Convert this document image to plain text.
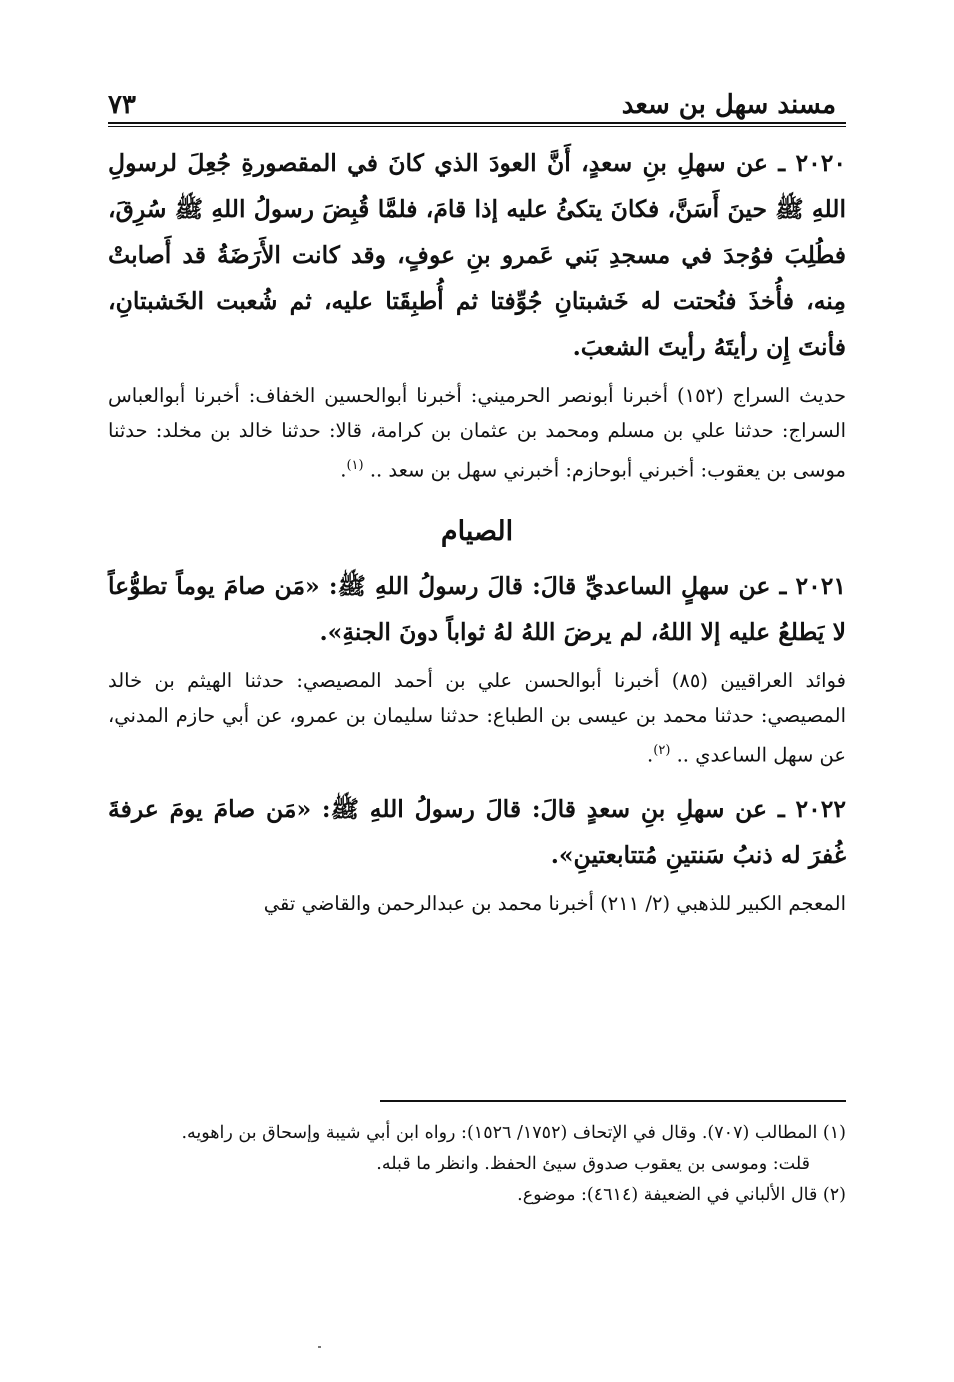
مسند سهل بن سعد
٧٣

٢٠٢٠ ـ عن سهلِ بنِ سعدٍ، أَنَّ العودَ الذي كانَ في المقصورةِ جُعِلَ لرسولِ اللهِ ﷺ حينَ أَسَنَّ، فكانَ يتكئُ عليه إذا قامَ، فلمَّا قُبِضَ رسولُ اللهِ ﷺ سُرِقَ، فطُلِبَ فوُجدَ في مسجدِ بَني عَمرو بنِ عوفٍ، وقد كانت الأَرَضَةُ قد أَصابتْ مِنه، فأُخذَ فنُحتت له خَشبتانِ جُوِّفتا ثم أُطبِقَتا عليه، ثم شُعبت الخَشبتانِ، فأنتَ إِن رأيتَهُ رأيتَ الشعبَ.

حديث السراج (١٥٢) أخبرنا أبونصر الحرميني: أخبرنا أبوالحسين الخفاف: أخبرنا أبوالعباس السراج: حدثنا علي بن مسلم ومحمد بن عثمان بن كرامة، قالا: حدثنا خالد بن مخلد: حدثنا موسى بن يعقوب: أخبرني أبوحازم: أخبرني سهل بن سعد .. $^{(١)}$.

الصيام

٢٠٢١ ـ عن سهلٍ الساعديِّ قالَ: قالَ رسولُ اللهِ ﷺ: «مَن صامَ يوماً تطوُّعاً لا يَطلعُ عليه إلا اللهُ، لم يرضَ اللهُ لهُ ثواباً دونَ الجنةِ».

فوائد العراقيين (٨٥) أخبرنا أبوالحسن علي بن أحمد المصيصي: حدثنا الهيثم بن خالد المصيصي: حدثنا محمد بن عيسى بن الطباع: حدثنا سليمان بن عمرو، عن أبي حازم المدني، عن سهل الساعدي .. $^{(٢)}$.

٢٠٢٢ ـ عن سهلِ بنِ سعدٍ قالَ: قالَ رسولُ اللهِ ﷺ: «مَن صامَ يومَ عرفةَ غُفرَ له ذنبُ سَنتينِ مُتتابعتينِ».

المعجم الكبير للذهبي (٢/ ٢١١) أخبرنا محمد بن عبدالرحمن والقاضي تقي

(١) المطالب (٧٠٧). وقال في الإتحاف (١٧٥٢/ ١٥٢٦): رواه ابن أبي شيبة وإسحاق بن راهويه.

قلت: وموسى بن يعقوب صدوق سيئ الحفظ. وانظر ما قبله.

(٢) قال الألباني في الضعيفة (٤٦١٤): موضوع.
